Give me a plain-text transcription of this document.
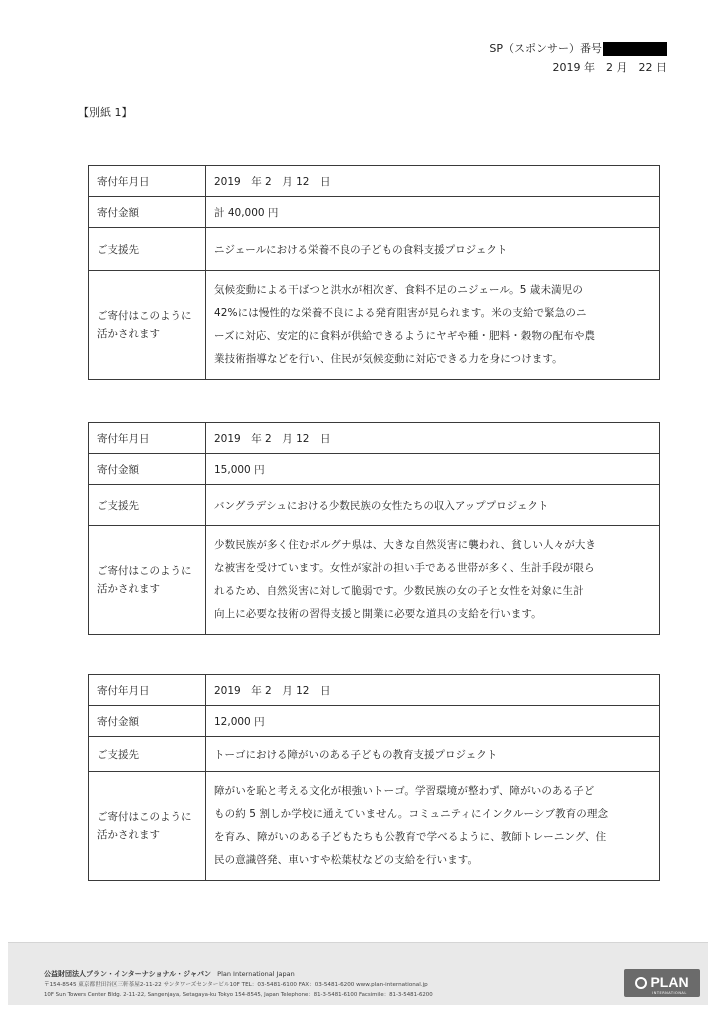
SP（スポンサー）番号
2019 年　2 月　22 日
【別紙 1】
寄付年月日	2019　年 2　月 12　日
寄付金額	計 40,000 円
ご支援先	ニジェールにおける栄養不良の子どもの食料支援プロジェクト
ご寄付はこのように活かされます	気候変動による干ばつと洪水が相次ぎ、食料不足のニジェール。5 歳未満児の
42%には慢性的な栄養不良による発育阻害が見られます。米の支給で緊急のニ
ーズに対応、安定的に食料が供給できるようにヤギや種・肥料・穀物の配布や農
業技術指導などを行い、住民が気候変動に対応できる力を身につけます。
寄付年月日	2019　年 2　月 12　日
寄付金額	15,000 円
ご支援先	バングラデシュにおける少数民族の女性たちの収入アッププロジェクト
ご寄付はこのように活かされます	少数民族が多く住むボルグナ県は、大きな自然災害に襲われ、貧しい人々が大き
な被害を受けています。女性が家計の担い手である世帯が多く、生計手段が限ら
れるため、自然災害に対して脆弱です。少数民族の女の子と女性を対象に生計
向上に必要な技術の習得支援と開業に必要な道具の支給を行います。
寄付年月日	2019　年 2　月 12　日
寄付金額	12,000 円
ご支援先	トーゴにおける障がいのある子どもの教育支援プロジェクト
ご寄付はこのように活かされます	障がいを恥と考える文化が根強いトーゴ。学習環境が整わず、障がいのある子ど
もの約 5 割しか学校に通えていません。コミュニティにインクルーシブ教育の理念
を育み、障がいのある子どもたちも公教育で学べるように、教師トレーニング、住
民の意識啓発、車いすや松葉杖などの支給を行います。
公益財団法人プラン・インターナショナル・ジャパン Plan International Japan
〒154-8545 東京都世田谷区三軒茶屋2-11-22 サンタワーズセンタービル10F TEL：03-5481-6100 FAX：03-5481-6200 www.plan-international.jp
10F Sun Towers Center Bldg. 2-11-22, Sangenjaya, Setagaya-ku Tokyo 154-8545, Japan Telephone：81-3-5481-6100 Facsimile：81-3-5481-6200
PLAN
INTERNATIONAL
